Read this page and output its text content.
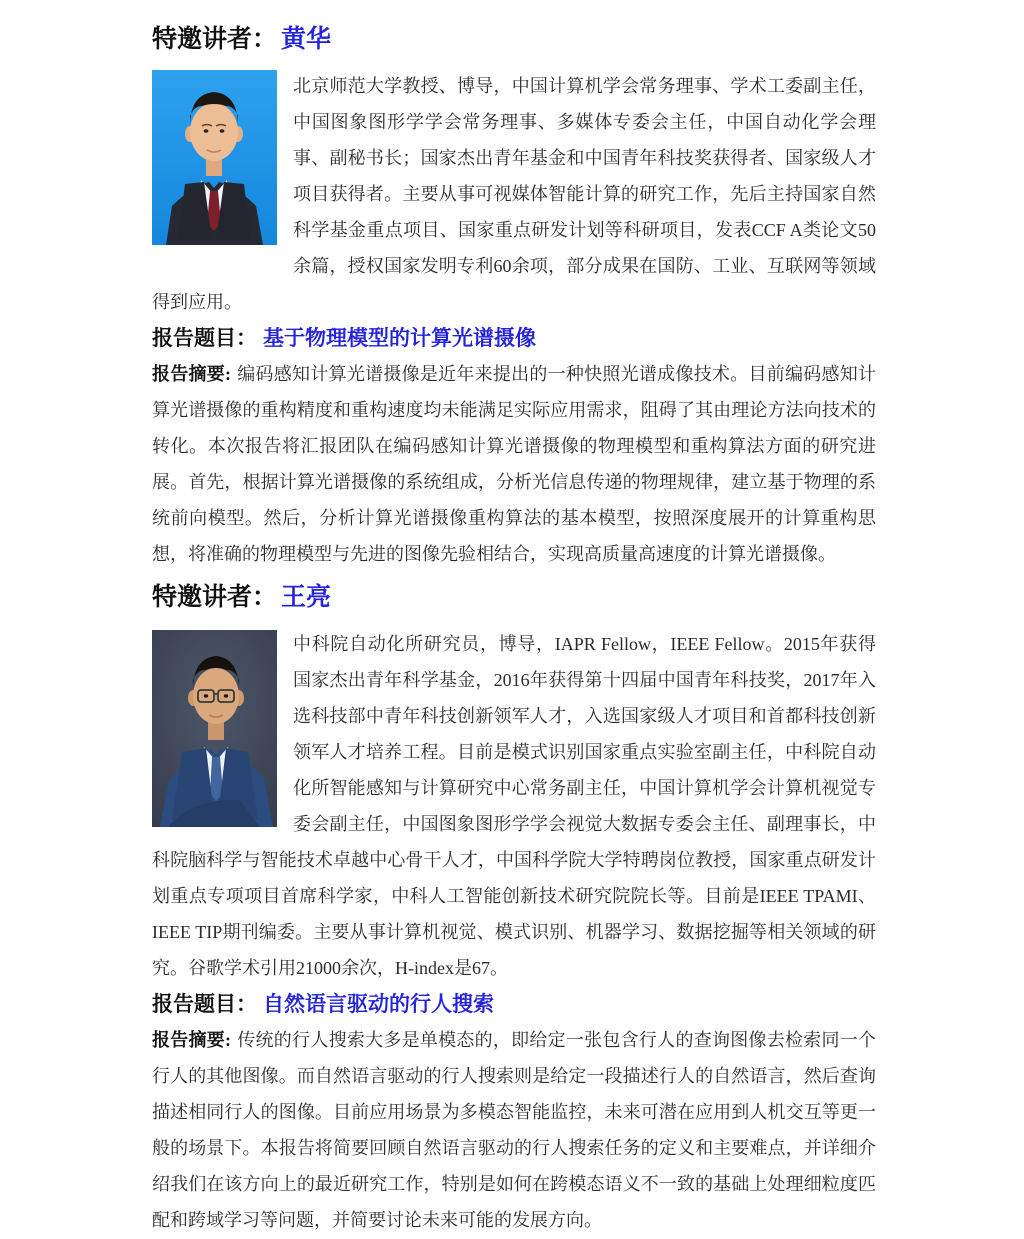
特邀讲者： 黄华
北京师范大学教授、博导，中国计算机学会常务理事、学术工委副主任，中国图象图形学学会常务理事、多媒体专委会主任，中国自动化学会理事、副秘书长；国家杰出青年基金和中国青年科技奖获得者、国家级人才项目获得者。主要从事可视媒体智能计算的研究工作，先后主持国家自然科学基金重点项目、国家重点研发计划等科研项目，发表CCF A类论文50余篇，授权国家发明专利60余项，部分成果在国防、工业、互联网等领域得到应用。
报告题目： 基于物理模型的计算光谱摄像
报告摘要: 编码感知计算光谱摄像是近年来提出的一种快照光谱成像技术。目前编码感知计算光谱摄像的重构精度和重构速度均未能满足实际应用需求，阻碍了其由理论方法向技术的转化。本次报告将汇报团队在编码感知计算光谱摄像的物理模型和重构算法方面的研究进展。首先，根据计算光谱摄像的系统组成，分析光信息传递的物理规律，建立基于物理的系统前向模型。然后，分析计算光谱摄像重构算法的基本模型，按照深度展开的计算重构思想，将准确的物理模型与先进的图像先验相结合，实现高质量高速度的计算光谱摄像。
特邀讲者： 王亮
中科院自动化所研究员，博导，IAPR Fellow，IEEE Fellow。2015年获得国家杰出青年科学基金，2016年获得第十四届中国青年科技奖，2017年入选科技部中青年科技创新领军人才，入选国家级人才项目和首都科技创新领军人才培养工程。目前是模式识别国家重点实验室副主任，中科院自动化所智能感知与计算研究中心常务副主任，中国计算机学会计算机视觉专委会副主任，中国图象图形学学会视觉大数据专委会主任、副理事长，中科院脑科学与智能技术卓越中心骨干人才，中国科学院大学特聘岗位教授，国家重点研发计划重点专项项目首席科学家，中科人工智能创新技术研究院院长等。目前是IEEE TPAMI、IEEE TIP期刊编委。主要从事计算机视觉、模式识别、机器学习、数据挖掘等相关领域的研究。谷歌学术引用21000余次，H-index是67。
报告题目： 自然语言驱动的行人搜索
报告摘要: 传统的行人搜索大多是单模态的，即给定一张包含行人的查询图像去检索同一个行人的其他图像。而自然语言驱动的行人搜索则是给定一段描述行人的自然语言，然后查询描述相同行人的图像。目前应用场景为多模态智能监控，未来可潜在应用到人机交互等更一般的场景下。本报告将简要回顾自然语言驱动的行人搜索任务的定义和主要难点，并详细介绍我们在该方向上的最近研究工作，特别是如何在跨模态语义不一致的基础上处理细粒度匹配和跨域学习等问题，并简要讨论未来可能的发展方向。
